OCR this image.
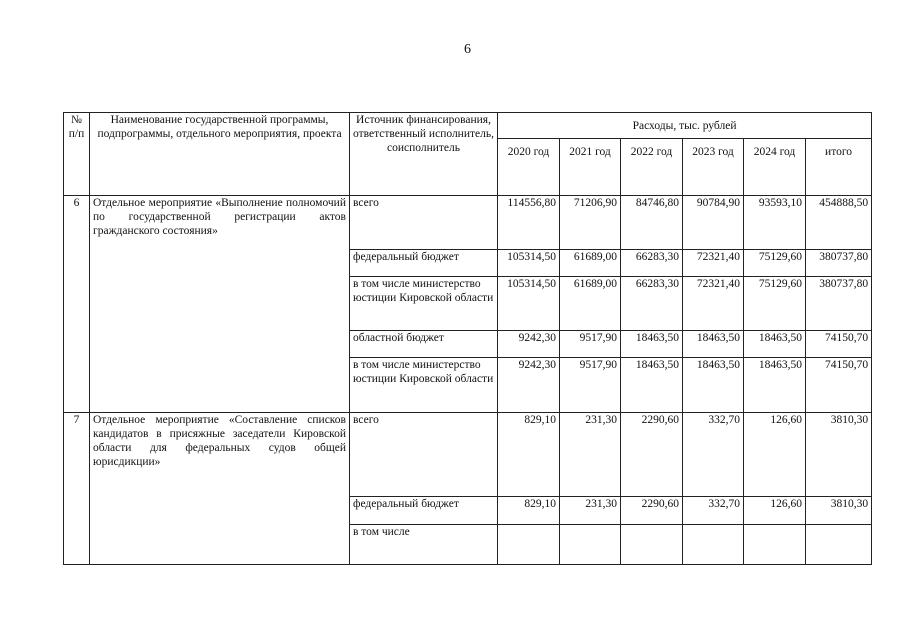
6
№ п/п	Наименование государственной программы, подпрограммы, отдельного мероприятия, проекта	Источник финансирования, ответственный исполнитель, соисполнитель	Расходы, тыс. рублей					
			2020 год	2021 год	2022 год	2023 год	2024 год	итого
6	Отдельное мероприятие «Выполнение полномочий по государственной регистрации актов гражданского состояния»	всего	114556,80	71206,90	84746,80	90784,90	93593,10	454888,50
		федеральный бюджет	105314,50	61689,00	66283,30	72321,40	75129,60	380737,80
		в том числе министерство юстиции Кировской области	105314,50	61689,00	66283,30	72321,40	75129,60	380737,80
		областной бюджет	9242,30	9517,90	18463,50	18463,50	18463,50	74150,70
		в том числе министерство юстиции Кировской области	9242,30	9517,90	18463,50	18463,50	18463,50	74150,70
7	Отдельное мероприятие «Составление списков кандидатов в присяжные заседатели Кировской области для федеральных судов общей юрисдикции»	всего	829,10	231,30	2290,60	332,70	126,60	3810,30
		федеральный бюджет	829,10	231,30	2290,60	332,70	126,60	3810,30
		в том числе						
